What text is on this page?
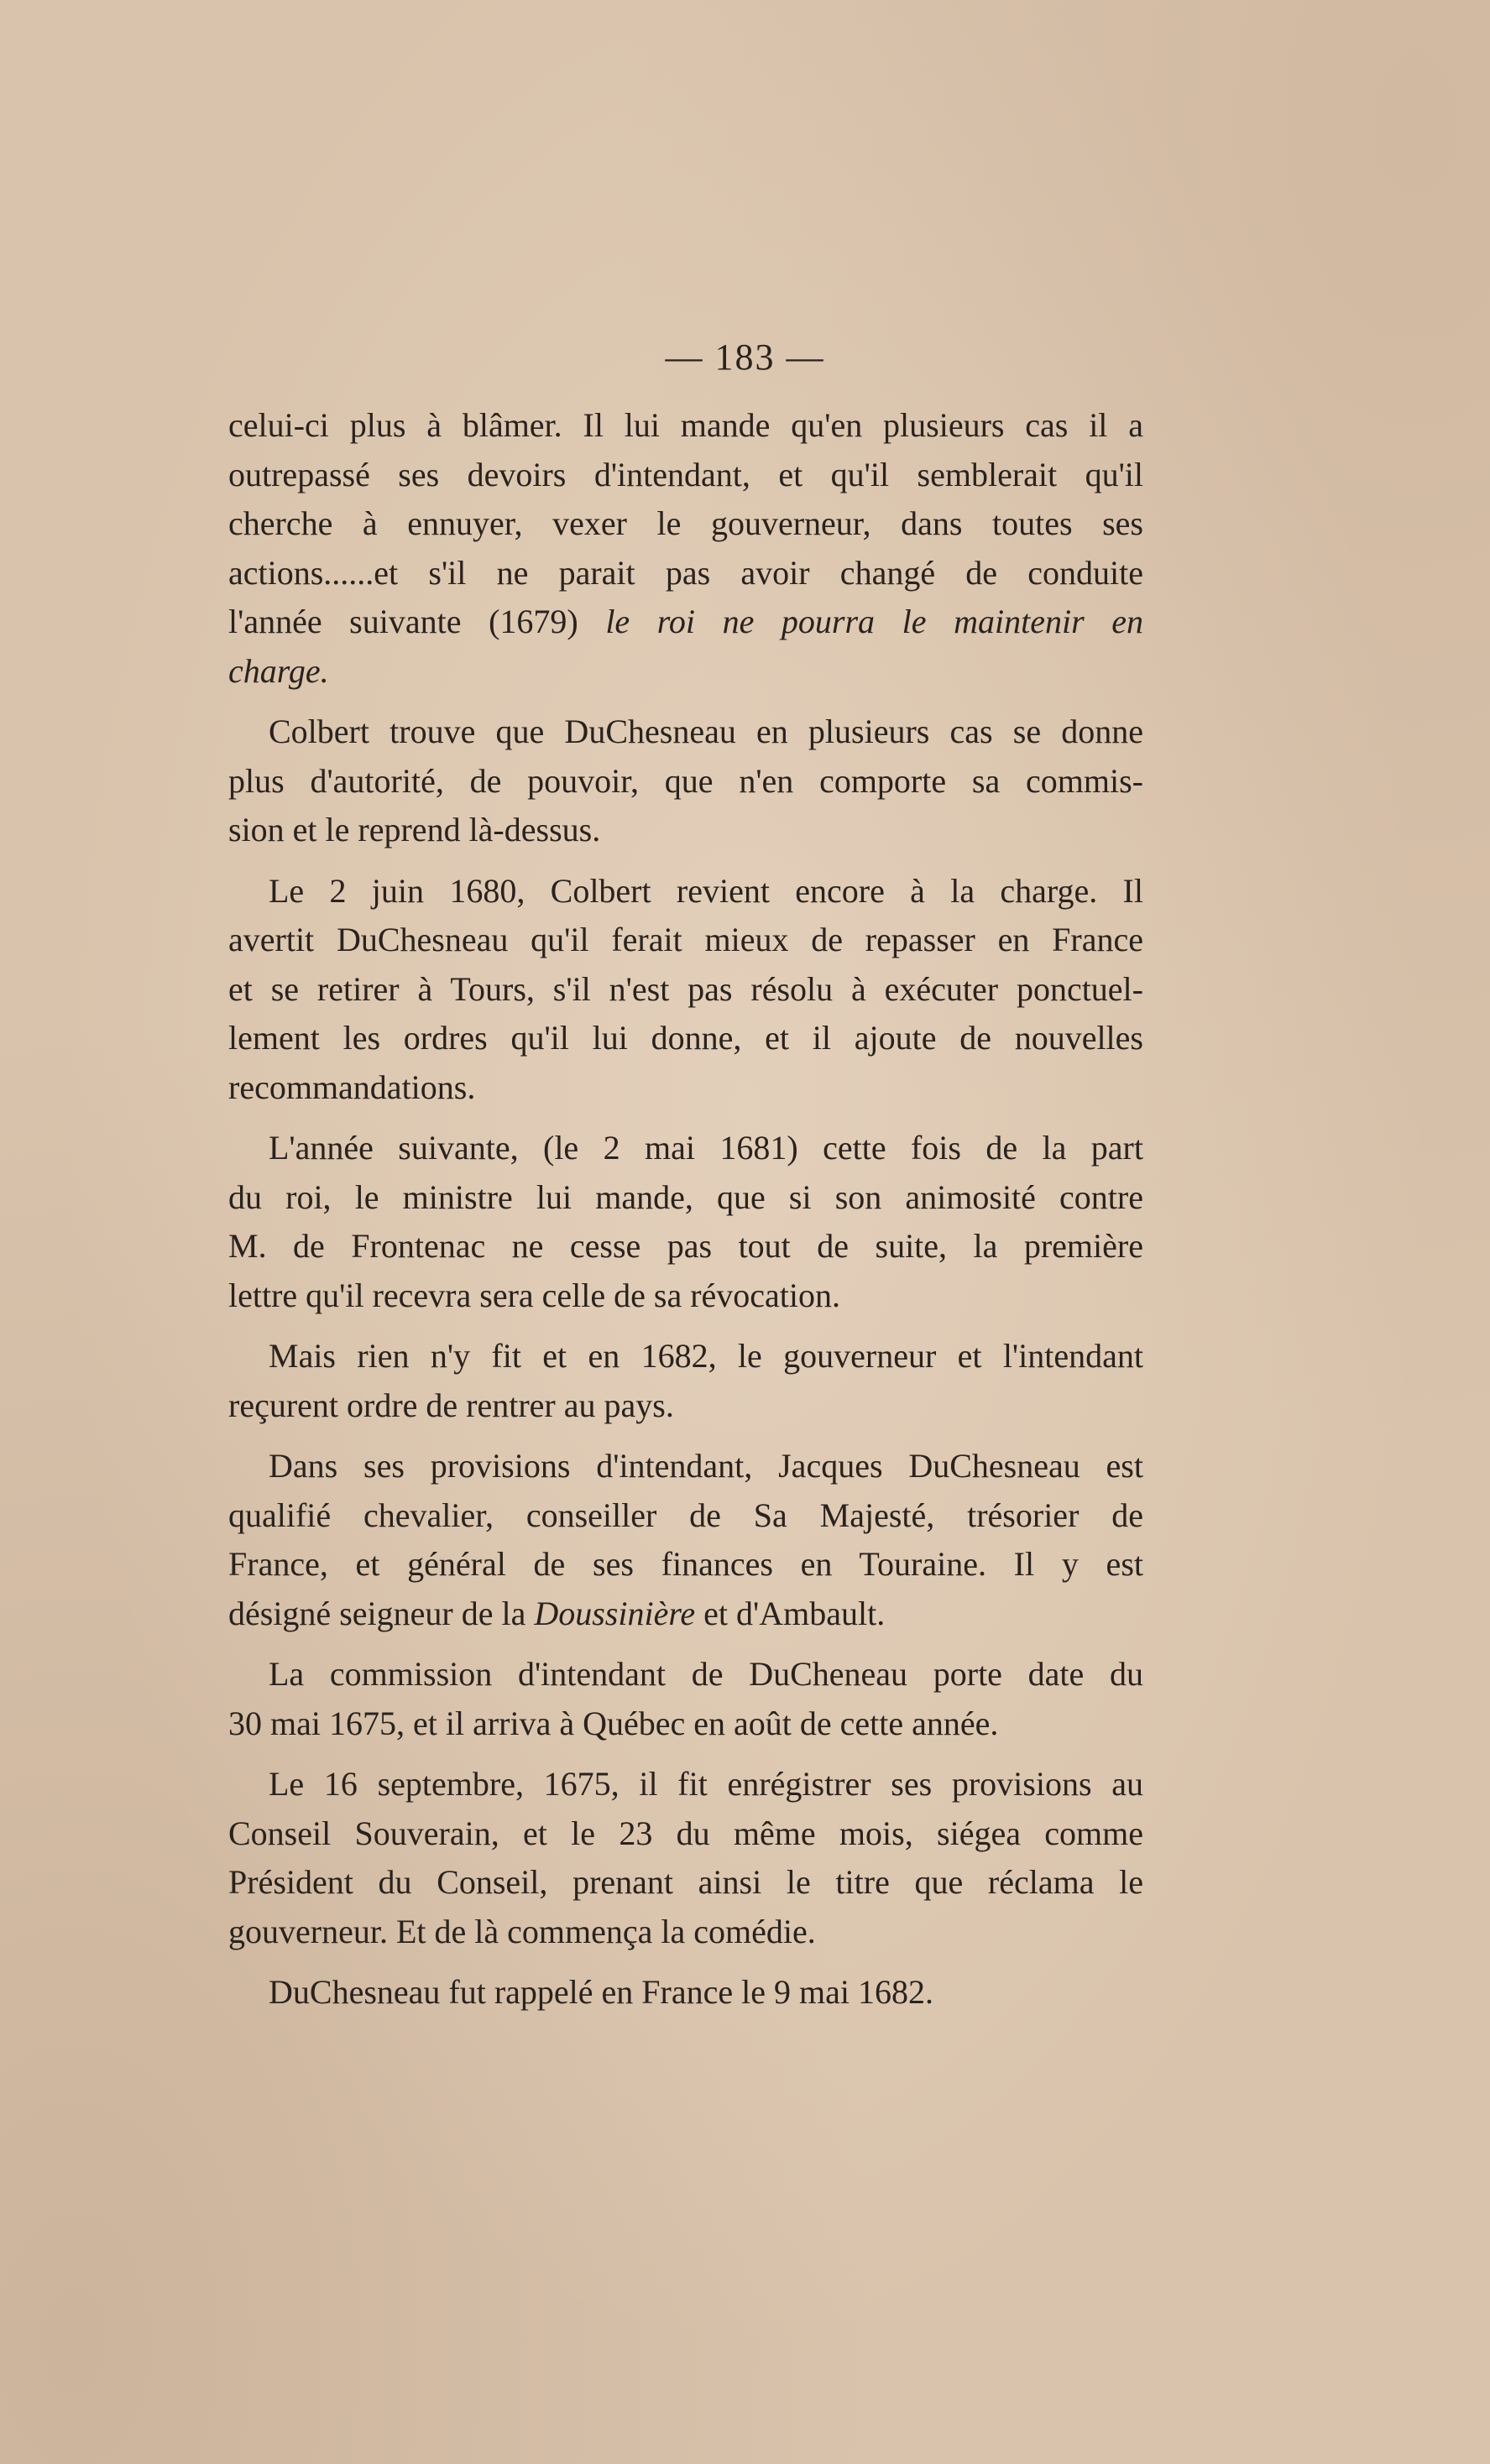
— 183 —
celui-ci plus à blâmer. Il lui mande qu'en plusieurs cas il a
outrepassé ses devoirs d'intendant, et qu'il semblerait qu'il
cherche à ennuyer, vexer le gouverneur, dans toutes ses
actions......et s'il ne parait pas avoir changé de conduite
l'année suivante (1679) le roi ne pourra le maintenir en
charge.
Colbert trouve que DuChesneau en plusieurs cas se donne
plus d'autorité, de pouvoir, que n'en comporte sa commis-
sion et le reprend là-dessus.
Le 2 juin 1680, Colbert revient encore à la charge. Il
avertit DuChesneau qu'il ferait mieux de repasser en France
et se retirer à Tours, s'il n'est pas résolu à exécuter ponctuel-
lement les ordres qu'il lui donne, et il ajoute de nouvelles
recommandations.
L'année suivante, (le 2 mai 1681) cette fois de la part
du roi, le ministre lui mande, que si son animosité contre
M. de Frontenac ne cesse pas tout de suite, la première
lettre qu'il recevra sera celle de sa révocation.
Mais rien n'y fit et en 1682, le gouverneur et l'intendant
reçurent ordre de rentrer au pays.
Dans ses provisions d'intendant, Jacques DuChesneau est
qualifié chevalier, conseiller de Sa Majesté, trésorier de
France, et général de ses finances en Touraine. Il y est
désigné seigneur de la Doussinière et d'Ambault.
La commission d'intendant de DuCheneau porte date du
30 mai 1675, et il arriva à Québec en août de cette année.
Le 16 septembre, 1675, il fit enrégistrer ses provisions au
Conseil Souverain, et le 23 du même mois, siégea comme
Président du Conseil, prenant ainsi le titre que réclama le
gouverneur. Et de là commença la comédie.
DuChesneau fut rappelé en France le 9 mai 1682.
